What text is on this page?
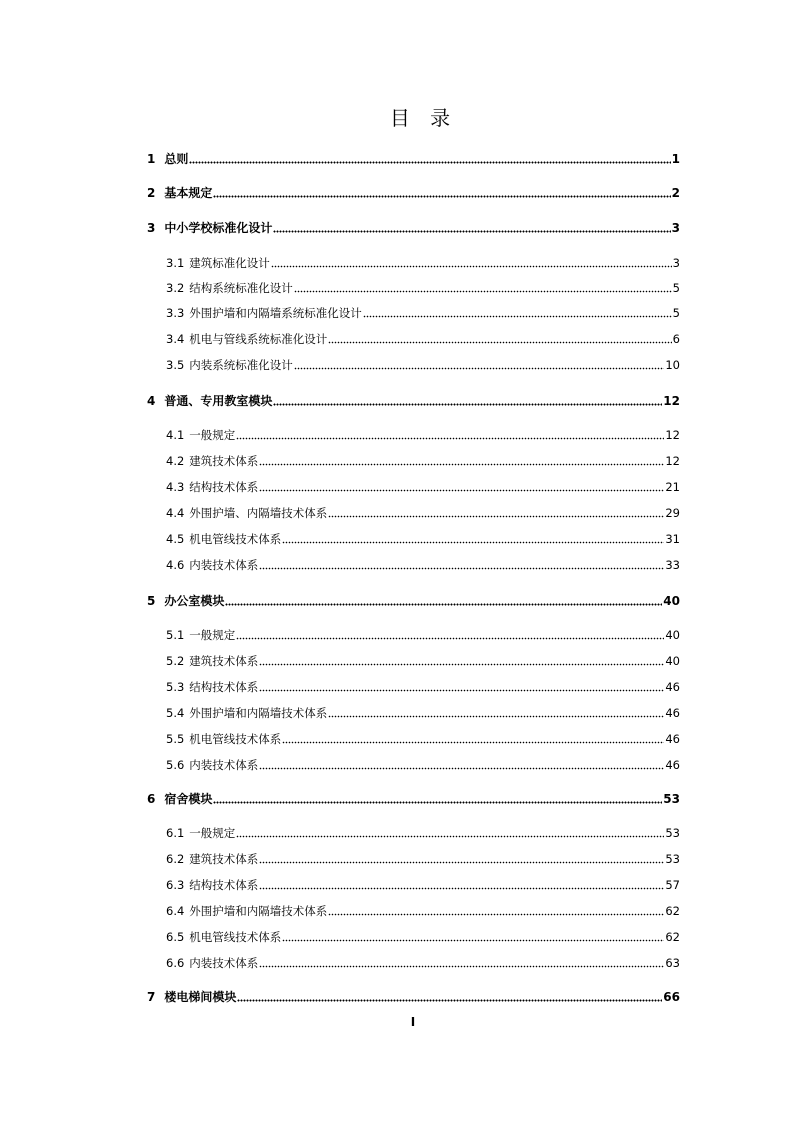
目 录
1 总则	1
2 基本规定	2
3 中小学校标准化设计	3
3.1 建筑标准化设计	3
3.2 结构系统标准化设计	5
3.3 外围护墙和内隔墙系统标准化设计	5
3.4 机电与管线系统标准化设计	6
3.5 内装系统标准化设计	10
4 普通、专用教室模块	12
4.1 一般规定	12
4.2 建筑技术体系	12
4.3 结构技术体系	21
4.4 外围护墙、内隔墙技术体系	29
4.5 机电管线技术体系	31
4.6 内装技术体系	33
5 办公室模块	40
5.1 一般规定	40
5.2 建筑技术体系	40
5.3 结构技术体系	46
5.4 外围护墙和内隔墙技术体系	46
5.5 机电管线技术体系	46
5.6 内装技术体系	46
6 宿舍模块	53
6.1 一般规定	53
6.2 建筑技术体系	53
6.3 结构技术体系	57
6.4 外围护墙和内隔墙技术体系	62
6.5 机电管线技术体系	62
6.6 内装技术体系	63
7 楼电梯间模块	66
I
